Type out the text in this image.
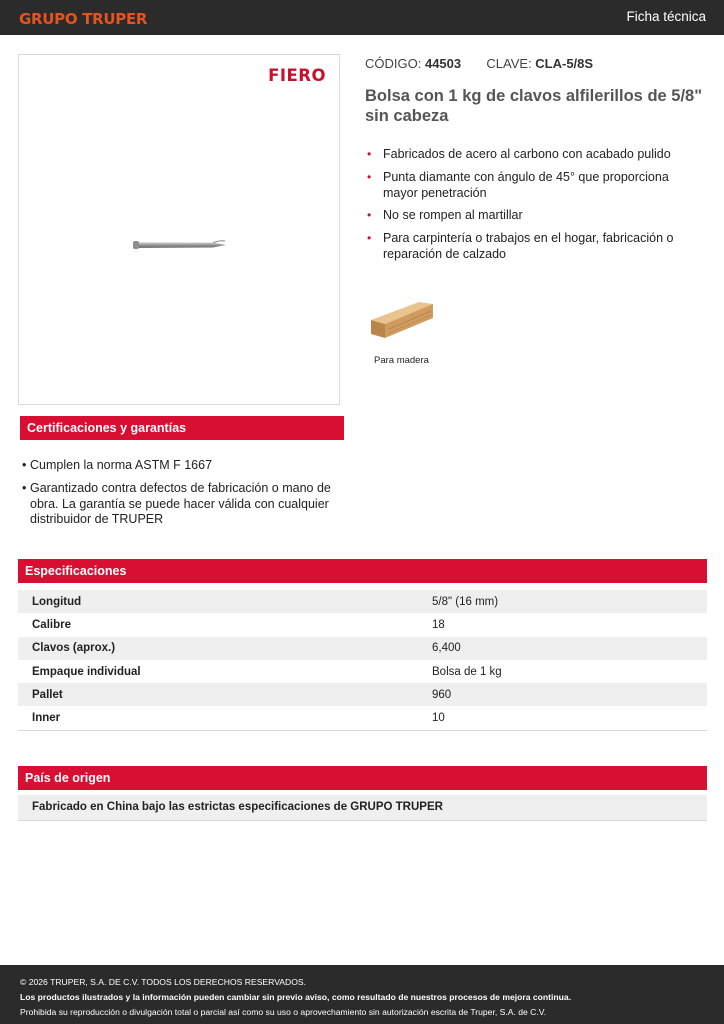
GRUPO TRUPER	Ficha técnica
FIERO
CÓDIGO: 44503 CLAVE: CLA-5/8S
Bolsa con 1 kg de clavos alfilerillos de 5/8" sin cabeza
• Fabricados de acero al carbono con acabado pulido
• Punta diamante con ángulo de 45° que proporciona mayor penetración
• No se rompen al martillar
• Para carpintería o trabajos en el hogar, fabricación o reparación de calzado
Para madera
Certificaciones y garantías
• Cumplen la norma ASTM F 1667
• Garantizado contra defectos de fabricación o mano de obra. La garantía se puede hacer válida con cualquier distribuidor de TRUPER
Especificaciones
Longitud	5/8" (16 mm)
Calibre	18
Clavos (aprox.)	6,400
Empaque individual	Bolsa de 1 kg
Pallet	960
Inner	10
País de origen
Fabricado en China bajo las estrictas especificaciones de GRUPO TRUPER
© 2026 TRUPER, S.A. DE C.V. TODOS LOS DERECHOS RESERVADOS.
Los productos ilustrados y la información pueden cambiar sin previo aviso, como resultado de nuestros procesos de mejora continua.
Prohibida su reproducción o divulgación total o parcial así como su uso o aprovechamiento sin autorización escrita de Truper, S.A. de C.V.
